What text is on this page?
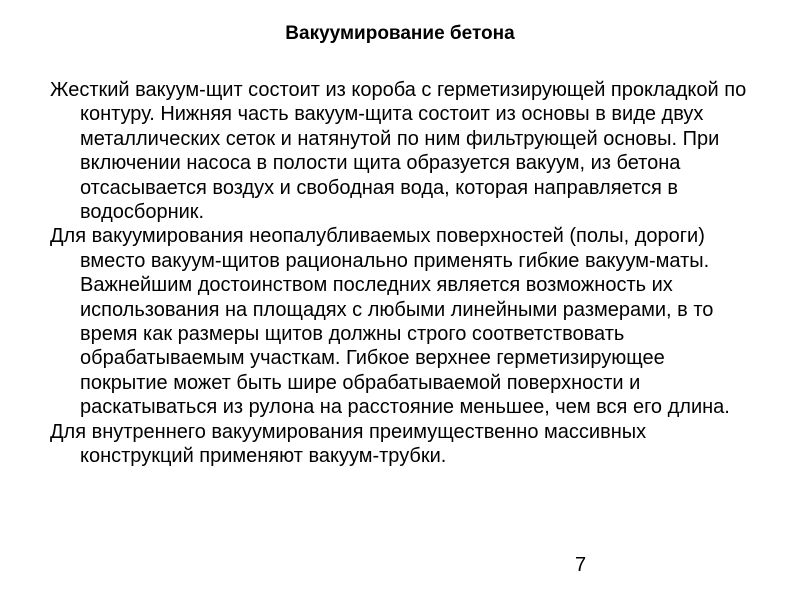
Вакуумирование бетона

Жесткий вакуум-щит состоит из короба с герметизирующей прокладкой по контуру. Нижняя часть вакуум-щита состоит из основы в виде двух металлических сеток и натянутой по ним фильтрующей основы. При включении насоса в полости щита образуется вакуум, из бетона отсасывается воздух и свободная вода, которая направляется в водосборник.

Для вакуумирования неопалубливаемых поверхностей (полы, дороги) вместо вакуум-щитов рационально применять гибкие вакуум-маты. Важнейшим достоинством последних является возможность их использования на площадях с любыми линейными размерами, в то время как размеры щитов должны строго соответствовать обрабатываемым участкам. Гибкое верхнее герметизирующее покрытие может быть шире обрабатываемой поверхности и раскатываться из рулона на расстояние меньшее, чем вся его длина.

Для внутреннего вакуумирования преимущественно массивных конструкций применяют вакуум-трубки.

7
